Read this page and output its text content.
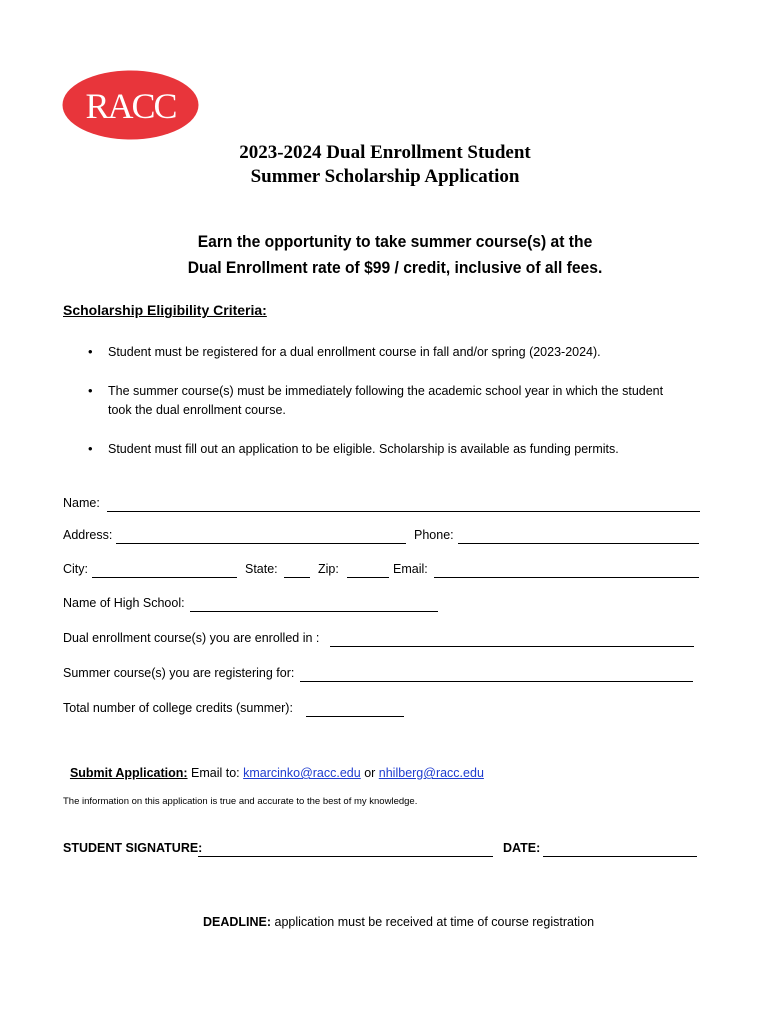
RACC
2023-2024 Dual Enrollment Student
Summer Scholarship Application
Earn the opportunity to take summer course(s) at the
Dual Enrollment rate of $99 / credit, inclusive of all fees.
Scholarship Eligibility Criteria:
• Student must be registered for a dual enrollment course in fall and/or spring (2023-2024).
• The summer course(s) must be immediately following the academic school year in which the student took the dual enrollment course.
• Student must fill out an application to be eligible. Scholarship is available as funding permits.
Name:
Address:	Phone:
City:	State:	Zip:	Email:
Name of High School:
Dual enrollment course(s) you are enrolled in :
Summer course(s) you are registering for:
Total number of college credits (summer):

Submit Application: Email to: kmarcinko@racc.edu or nhilberg@racc.edu

The information on this application is true and accurate to the best of my knowledge.
STUDENT SIGNATURE:	DATE:

DEADLINE: application must be received at time of course registration
